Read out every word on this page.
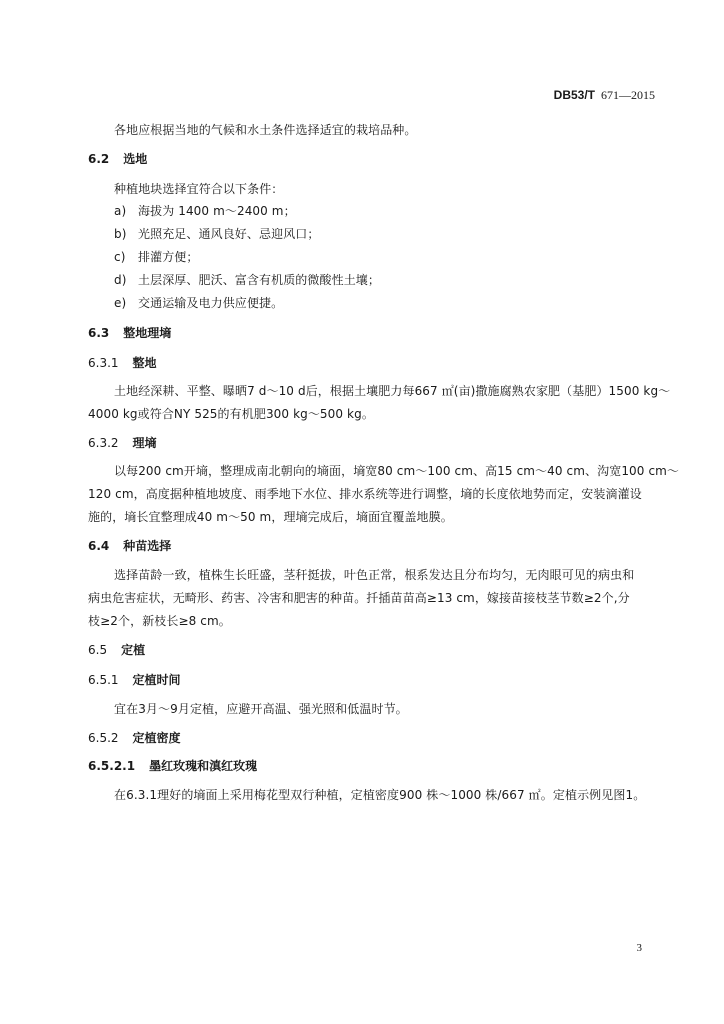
DB53/T 671—2015
各地应根据当地的气候和水土条件选择适宜的栽培品种。
6.2 选地
种植地块选择宜符合以下条件：
a) 海拔为 1400 m～2400 m；
b) 光照充足、通风良好、忌迎风口；
c) 排灌方便；
d) 土层深厚、肥沃、富含有机质的微酸性土壤；
e) 交通运输及电力供应便捷。
6.3 整地理墒
6.3.1 整地
土地经深耕、平整、曝晒7 d～10 d后，根据土壤肥力每667 ㎡(亩)撒施腐熟农家肥（基肥）1500 kg～
4000 kg或符合NY 525的有机肥300 kg～500 kg。
6.3.2 理墒
以每200 cm开墒，整理成南北朝向的墒面，墒宽80 cm～100 cm、高15 cm～40 cm、沟宽100 cm～
120 cm，高度据种植地坡度、雨季地下水位、排水系统等进行调整，墒的长度依地势而定，安装滴灌设
施的，墒长宜整理成40 m～50 m，理墒完成后，墒面宜覆盖地膜。
6.4 种苗选择
选择苗龄一致，植株生长旺盛，茎秆挺拔，叶色正常，根系发达且分布均匀，无肉眼可见的病虫和
病虫危害症状，无畸形、药害、冷害和肥害的种苗。扦插苗苗高≥13 cm，嫁接苗接枝茎节数≥2个,分
枝≥2个，新枝长≥8 cm。
6.5 定植
6.5.1 定植时间
宜在3月～9月定植，应避开高温、强光照和低温时节。
6.5.2 定植密度
6.5.2.1 墨红玫瑰和滇红玫瑰
在6.3.1理好的墒面上采用梅花型双行种植，定植密度900 株～1000 株/667 ㎡。定植示例见图1。
3
